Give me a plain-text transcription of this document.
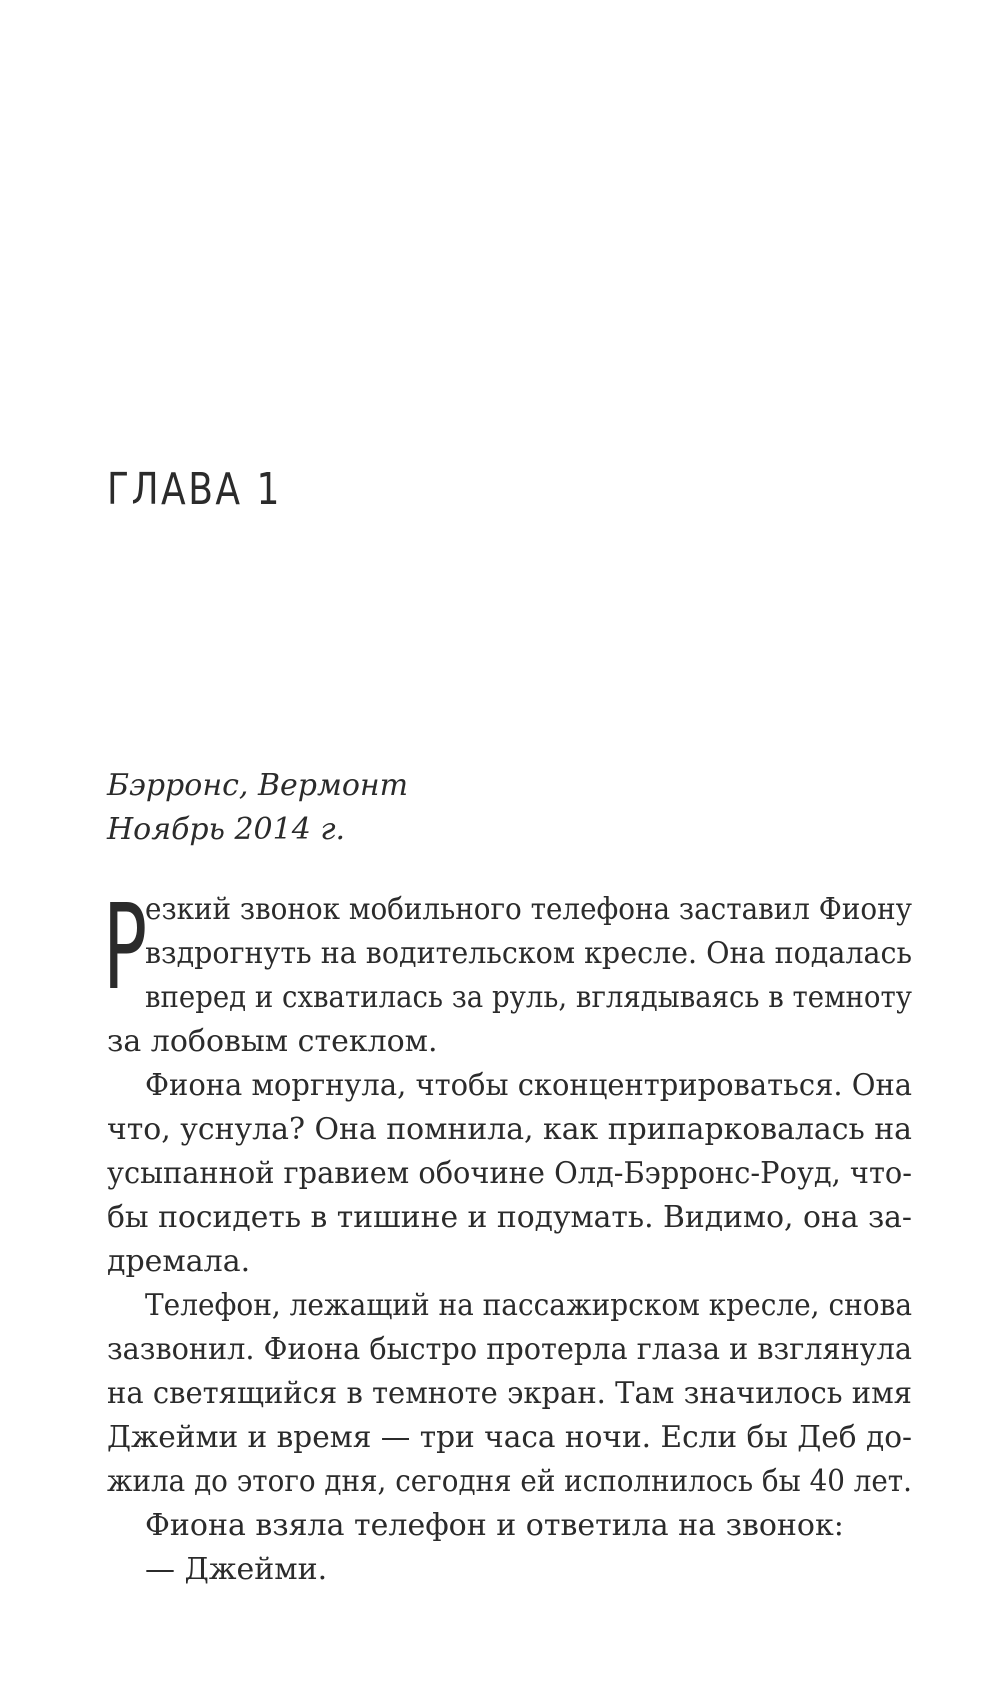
ГЛАВА 1
Бэрронс, Вермонт
Ноябрь 2014 г.
Р
езкий звонок мобильного телефона заставил Фиону
вздрогнуть на водительском кресле. Она подалась
вперед и схватилась за руль, вглядываясь в темноту
за лобовым стеклом.
Фиона моргнула, чтобы сконцентрироваться. Она
что, уснула? Она помнила, как припарковалась на
усыпанной гравием обочине Олд-Бэрронс-Роуд, что-
бы посидеть в тишине и подумать. Видимо, она за-
дремала.
Телефон, лежащий на пассажирском кресле, снова
зазвонил. Фиона быстро протерла глаза и взглянула
на светящийся в темноте экран. Там значилось имя
Джейми и время — три часа ночи. Если бы Деб до-
жила до этого дня, сегодня ей исполнилось бы 40 лет.
Фиона взяла телефон и ответила на звонок:
— Джейми.
